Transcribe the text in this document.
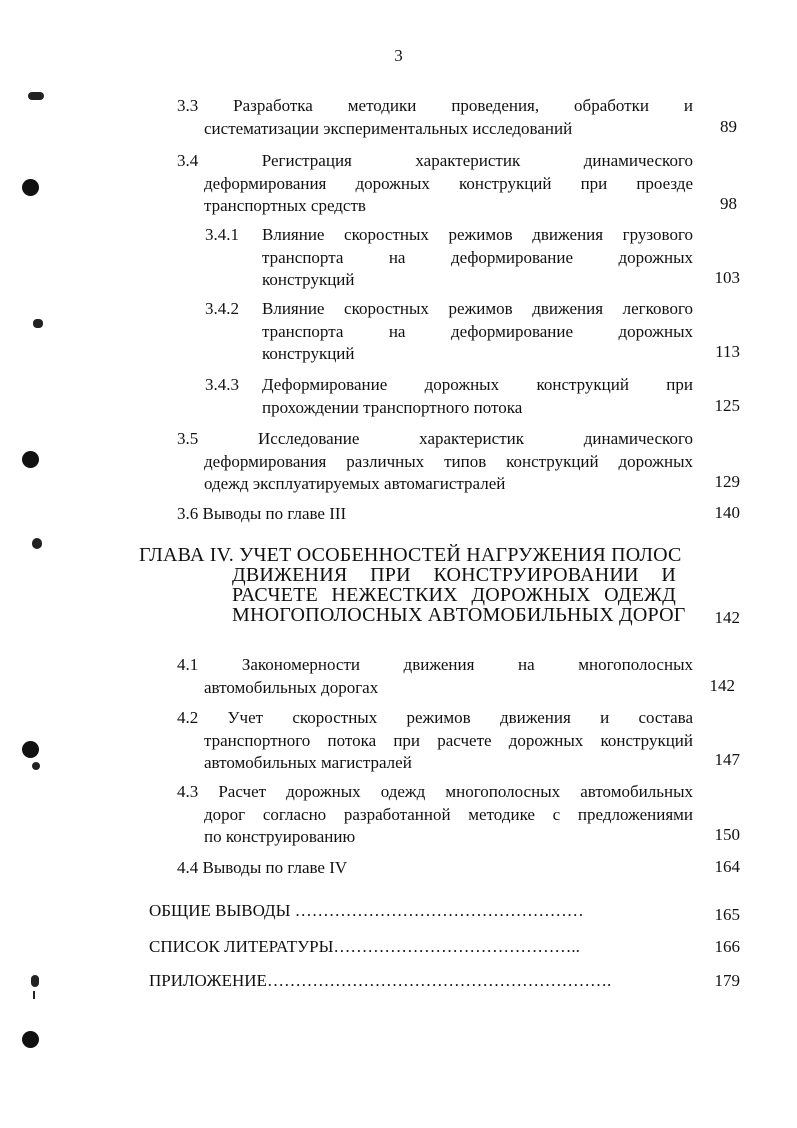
3
3.3 Разработка методики проведения, обработки и
систематизации экспериментальных исследований	89
3.4 Регистрация характеристик динамического
деформирования дорожных конструкций при проезде
транспортных средств	98
3.4.1 Влияние скоростных режимов движения грузового
транспорта на деформирование дорожных
конструкций	103
3.4.2 Влияние скоростных режимов движения легкового
транспорта на деформирование дорожных
конструкций	113
3.4.3 Деформирование дорожных конструкций при
прохождении транспортного потока	125
3.5 Исследование характеристик динамического
деформирования различных типов конструкций дорожных
одежд эксплуатируемых автомагистралей	129
3.6 Выводы по главе III	140
ГЛАВА IV. УЧЕТ ОСОБЕННОСТЕЙ НАГРУЖЕНИЯ ПОЛОС
ДВИЖЕНИЯ ПРИ КОНСТРУИРОВАНИИ И
РАСЧЕТЕ НЕЖЕСТКИХ ДОРОЖНЫХ ОДЕЖД
МНОГОПОЛОСНЫХ АВТОМОБИЛЬНЫХ ДОРОГ	142
4.1 Закономерности движения на многополосных
автомобильных дорогах	142
4.2 Учет скоростных режимов движения и состава
транспортного потока при расчете дорожных конструкций
автомобильных магистралей	147
4.3 Расчет дорожных одежд многополосных автомобильных
дорог согласно разработанной методике с предложениями
по конструированию	150
4.4 Выводы по главе IV	164
ОБЩИЕ ВЫВОДЫ ……………………………………………	165
СПИСОК ЛИТЕРАТУРЫ……………………………………..	166
ПРИЛОЖЕНИЕ…………………………………………………….	179
